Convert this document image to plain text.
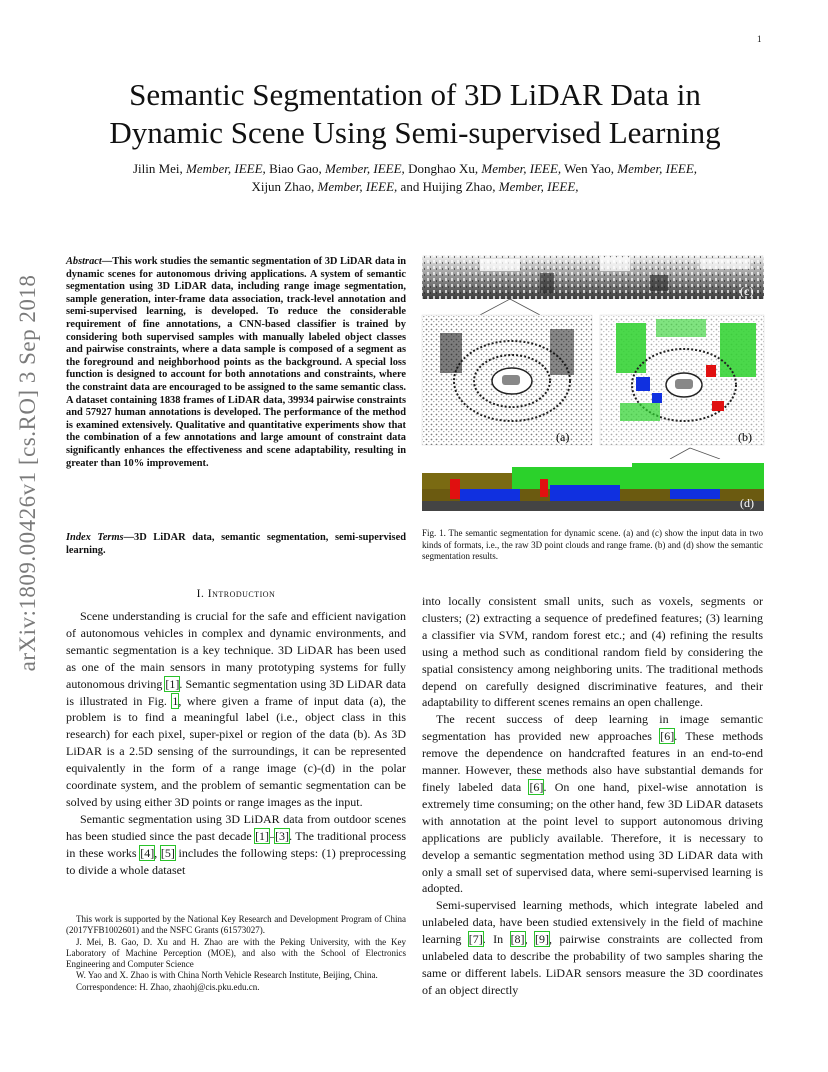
1
arXiv:1809.00426v1 [cs.RO] 3 Sep 2018
Semantic Segmentation of 3D LiDAR Data in
Dynamic Scene Using Semi-supervised Learning
Jilin Mei, Member, IEEE, Biao Gao, Member, IEEE, Donghao Xu, Member, IEEE, Wen Yao, Member, IEEE,
Xijun Zhao, Member, IEEE, and Huijing Zhao, Member, IEEE,
Abstract—This work studies the semantic segmentation of 3D LiDAR data in dynamic scenes for autonomous driving applications. A system of semantic segmentation using 3D LiDAR data, including range image segmentation, sample generation, inter-frame data association, track-level annotation and semi-supervised learning, is developed. To reduce the considerable requirement of fine annotations, a CNN-based classifier is trained by considering both supervised samples with manually labeled object classes and pairwise constraints, where a data sample is composed of a segment as the foreground and neighborhood points as the background. A special loss function is designed to account for both annotations and constraints, where the constraint data are encouraged to be assigned to the same semantic class. A dataset containing 1838 frames of LiDAR data, 39934 pairwise constraints and 57927 human annotations is developed. The performance of the method is examined extensively. Qualitative and quantitative experiments show that the combination of a few annotations and large amount of constraint data significantly enhances the effectiveness and scene adaptability, resulting in greater than 10% improvement.
Index Terms—3D LiDAR data, semantic segmentation, semi-supervised learning.
I. Introduction

Scene understanding is crucial for the safe and efficient navigation of autonomous vehicles in complex and dynamic environments, and semantic segmentation is a key technique. 3D LiDAR has been used as one of the main sensors in many prototyping systems for fully autonomous driving [1]. Semantic segmentation using 3D LiDAR data is illustrated in Fig. 1, where given a frame of input data (a), the problem is to find a meaningful label (i.e., object class in this research) for each pixel, super-pixel or region of the data (b). As 3D LiDAR is a 2.5D sensing of the surroundings, it can be represented equivalently in the form of a range image (c)-(d) in the polar coordinate system, and the problem of semantic segmentation can be solved by using either 3D points or range images as the input.

Semantic segmentation using 3D LiDAR data from outdoor scenes has been studied since the past decade [1]–[3]. The traditional process in these works [4], [5] includes the following steps: (1) preprocessing to divide a whole dataset

This work is supported by the National Key Research and Development Program of China (2017YFB1002601) and the NSFC Grants (61573027).

J. Mei, B. Gao, D. Xu and H. Zhao are with the Peking University, with the Key Laboratory of Machine Perception (MOE), and also with the School of Electronics Engineering and Computer Science

W. Yao and X. Zhao is with China North Vehicle Research Institute, Beijing, China.

Correspondence: H. Zhao, zhaohj@cis.pku.edu.cn.

(c)
(a)	(b)
(d)
Fig. 1. The semantic segmentation for dynamic scene. (a) and (c) show the input data in two kinds of formats, i.e., the raw 3D point clouds and range frame. (b) and (d) show the semantic segmentation results.

into locally consistent small units, such as voxels, segments or clusters; (2) extracting a sequence of predefined features; (3) learning a classifier via SVM, random forest etc.; and (4) refining the results using a method such as conditional random field by considering the spatial consistency among neighboring units. The traditional methods depend on carefully designed discriminative features, and their adaptability to different scenes remains an open challenge.

The recent success of deep learning in image semantic segmentation has provided new approaches [6]. These methods remove the dependence on handcrafted features in an end-to-end manner. However, these methods also have substantial demands for finely labeled data [6]. On one hand, pixel-wise annotation is extremely time consuming; on the other hand, few 3D LiDAR datasets with annotation at the point level to support autonomous driving applications are publicly available. Therefore, it is necessary to develop a semantic segmentation method using 3D LiDAR data with only a small set of supervised data, where semi-supervised learning is adopted.

Semi-supervised learning methods, which integrate labeled and unlabeled data, have been studied extensively in the field of machine learning [7]. In [8], [9], pairwise constraints are collected from unlabeled data to describe the probability of two samples sharing the same or different labels. LiDAR sensors measure the 3D coordinates of an object directly
